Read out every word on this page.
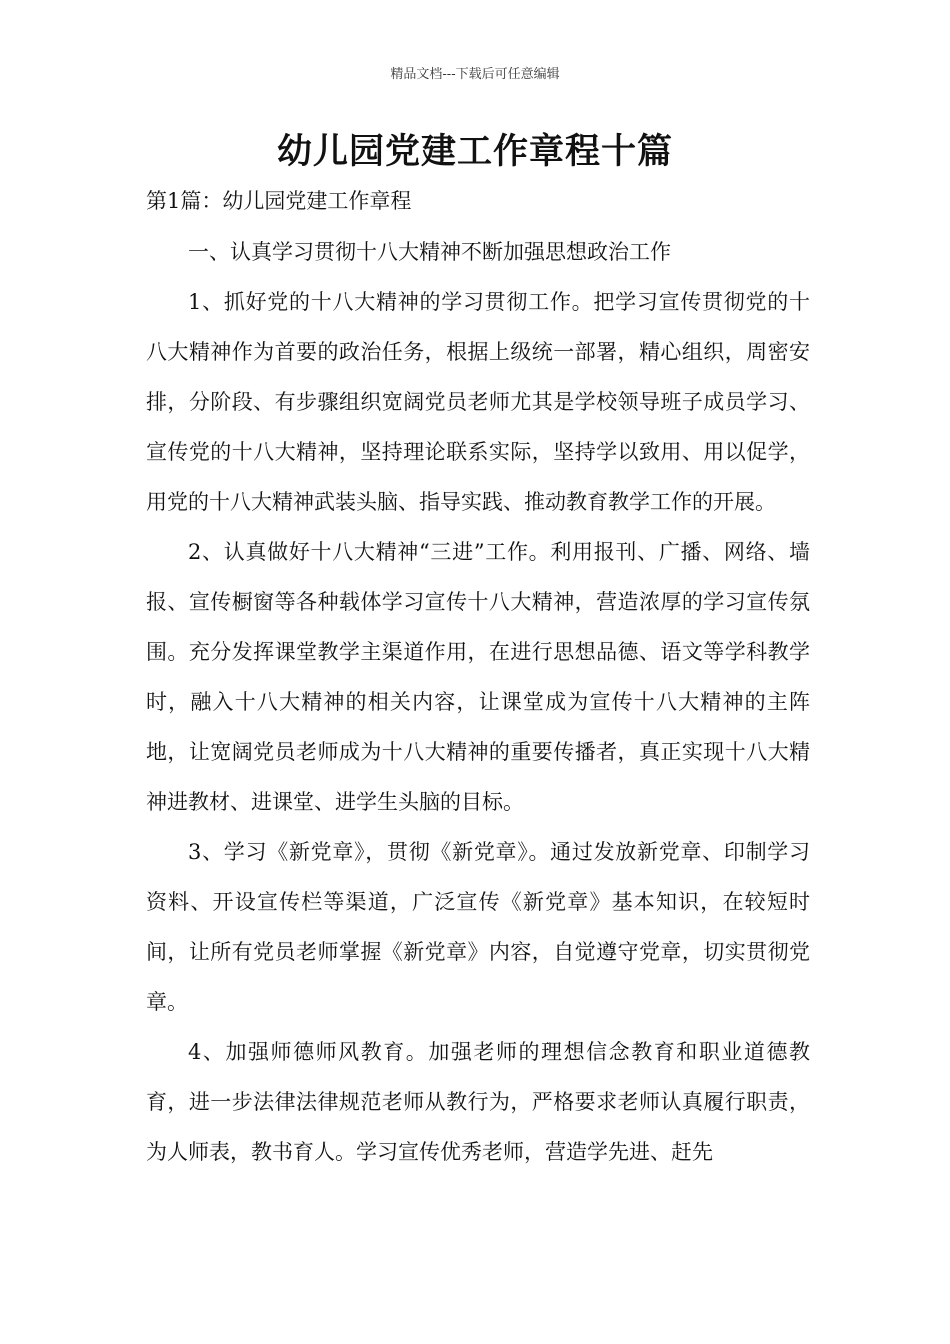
精品文档---下载后可任意编辑
幼儿园党建工作章程十篇
第1篇：幼儿园党建工作章程

一、认真学习贯彻十八大精神不断加强思想政治工作

1、抓好党的十八大精神的学习贯彻工作。把学习宣传贯彻党的十八大精神作为首要的政治任务，根据上级统一部署，精心组织，周密安排，分阶段、有步骤组织宽阔党员老师尤其是学校领导班子成员学习、宣传党的十八大精神，坚持理论联系实际，坚持学以致用、用以促学，用党的十八大精神武装头脑、指导实践、推动教育教学工作的开展。

2、认真做好十八大精神“三进”工作。利用报刊、广播、网络、墙报、宣传橱窗等各种载体学习宣传十八大精神，营造浓厚的学习宣传氛围。充分发挥课堂教学主渠道作用，在进行思想品德、语文等学科教学时，融入十八大精神的相关内容，让课堂成为宣传十八大精神的主阵地，让宽阔党员老师成为十八大精神的重要传播者，真正实现十八大精神进教材、进课堂、进学生头脑的目标。

3、学习《新党章》，贯彻《新党章》。通过发放新党章、印制学习资料、开设宣传栏等渠道，广泛宣传《新党章》基本知识，在较短时间，让所有党员老师掌握《新党章》内容，自觉遵守党章，切实贯彻党章。

4、加强师德师风教育。加强老师的理想信念教育和职业道德教育，进一步法律法律规范老师从教行为，严格要求老师认真履行职责，为人师表，教书育人。学习宣传优秀老师，营造学先进、赶先
